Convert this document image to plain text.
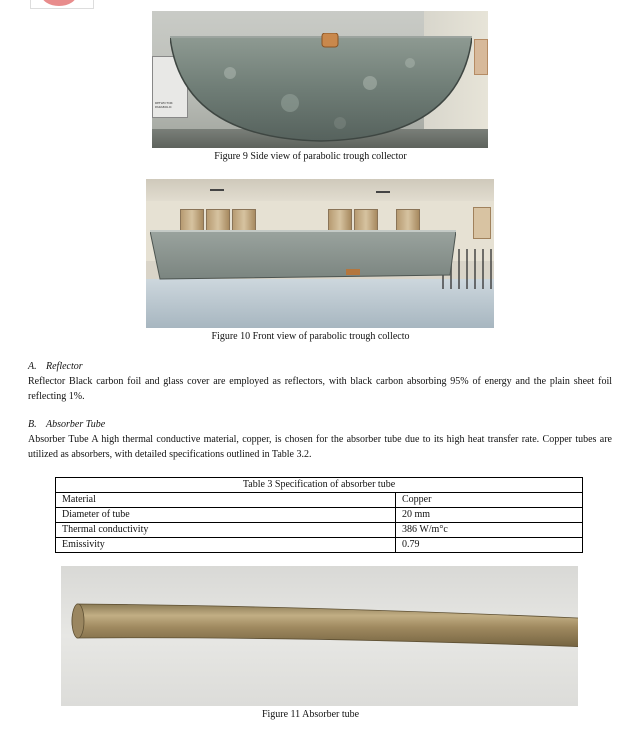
REFLECTOR PARABOLIC
Figure 9 Side view of parabolic trough collector
Figure 10 Front view of parabolic trough collecto
A. Reflector
Reflector Black carbon foil and glass cover are employed as reflectors, with black carbon absorbing 95% of energy and the plain sheet foil reflecting 1%.
B. Absorber Tube
Absorber Tube A high thermal conductive material, copper, is chosen for the absorber tube due to its high heat transfer rate. Copper tubes are utilized as absorbers, with detailed specifications outlined in Table 3.2.
Table 3 Specification of absorber tube	
Material	Copper
Diameter of tube	20 mm
Thermal conductivity	386 W/m°c
Emissivity	0.79
Figure 11 Absorber tube
